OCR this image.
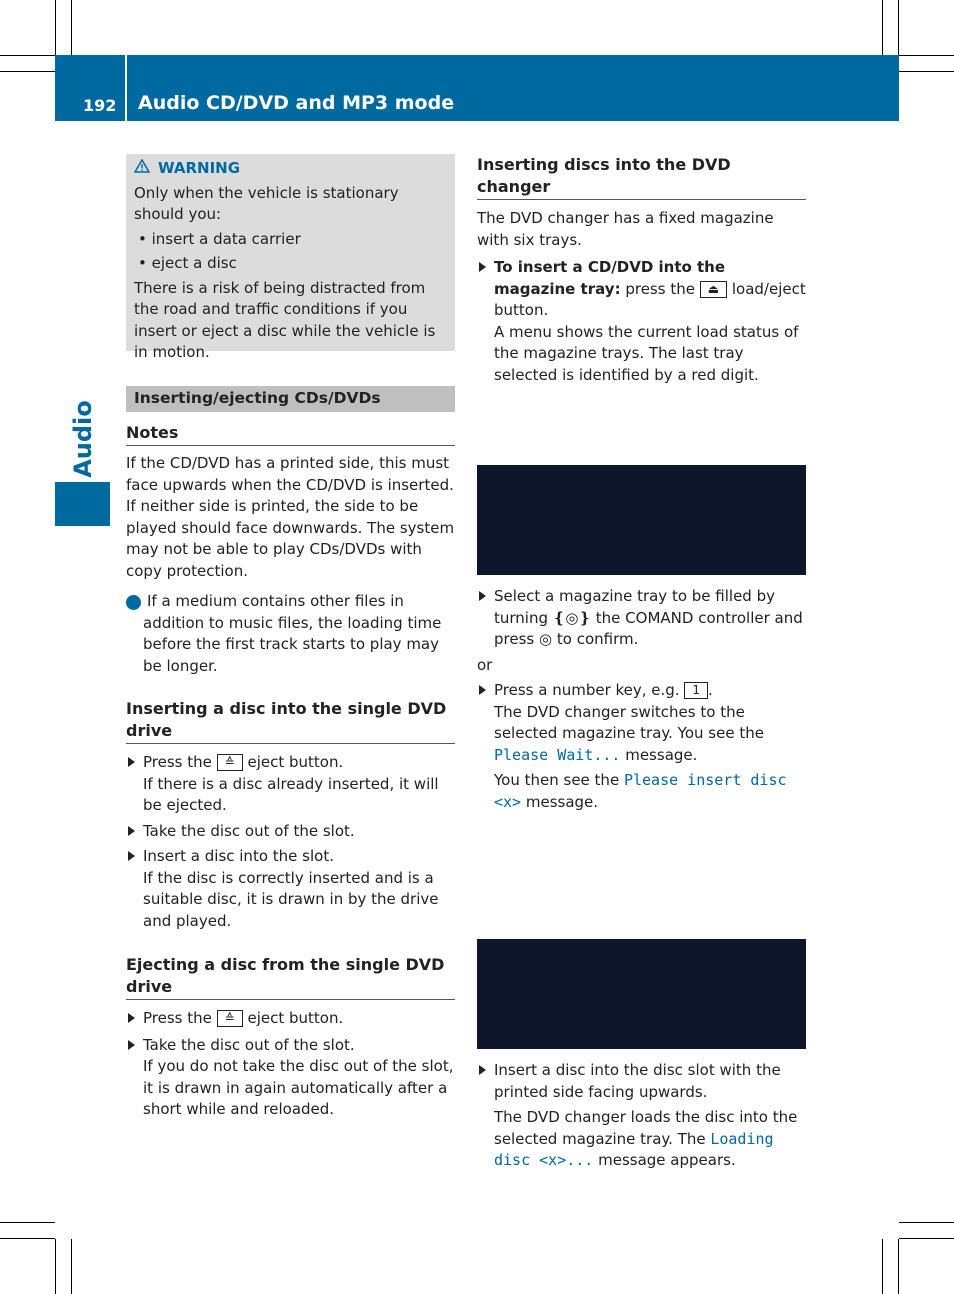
192 Audio CD/DVD and MP3 mode
Audio
WARNING

Only when the vehicle is stationary should you:

• insert a data carrier

• eject a disc

There is a risk of being distracted from the road and traffic conditions if you insert or eject a disc while the vehicle is in motion.

Inserting/ejecting CDs/DVDs
Notes

If the CD/DVD has a printed side, this must face upwards when the CD/DVD is inserted. If neither side is printed, the side to be played should face downwards. The system may not be able to play CDs/DVDs with copy protection.

i If a medium contains other files in addition to music files, the loading time before the first track starts to play may be longer.

Inserting a disc into the single DVD drive
Press the ≙ eject button.

If there is a disc already inserted, it will be ejected.

Take the disc out of the slot.
Insert a disc into the slot.

If the disc is correctly inserted and is a suitable disc, it is drawn in by the drive and played.

Ejecting a disc from the single DVD drive
Press the ≙ eject button.
Take the disc out of the slot.

If you do not take the disc out of the slot, it is drawn in again automatically after a short while and reloaded.

Inserting discs into the DVD changer

The DVD changer has a fixed magazine with six trays.

To insert a CD/DVD into the magazine tray: press the ⏏ load/eject button.

A menu shows the current load status of the magazine trays. The last tray selected is identified by a red digit.

Select a magazine tray to be filled by turning ❴◎❵ the COMAND controller and press ◎ to confirm.

or

Press a number key, e.g. 1 .

The DVD changer switches to the selected magazine tray. You see the Please Wait... message.

You then see the Please insert disc <x> message.

Insert a disc into the disc slot with the printed side facing upwards.

The DVD changer loads the disc into the selected magazine tray. The Loading disc <x>... message appears.
